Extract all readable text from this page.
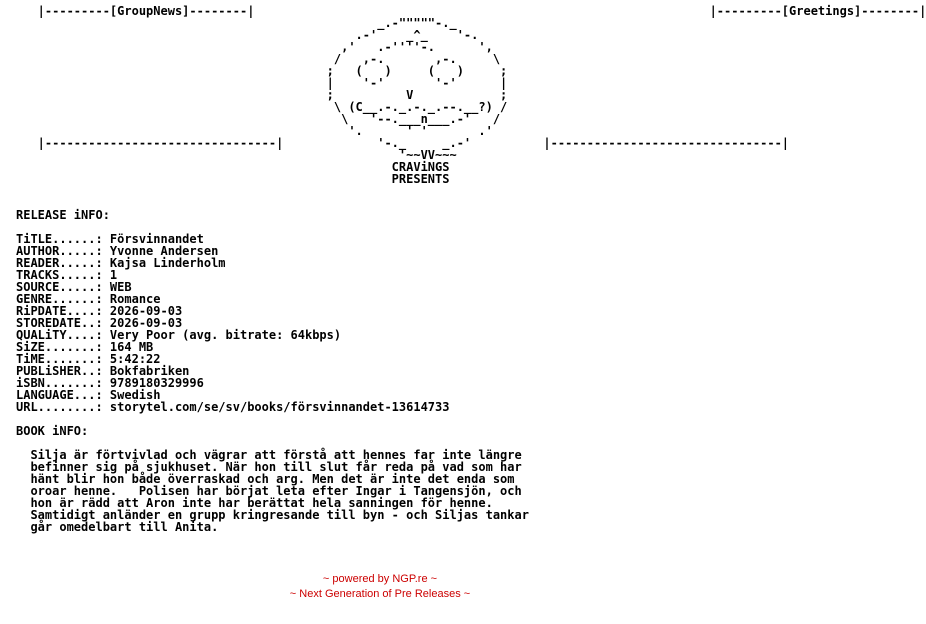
|---------[GroupNews]--------|                                                               |---------[Greetings]--------|
_.-"""""-._
.-'    _^_    '-.
,'   .-''''-.      ',
/   ,-.       ,-.     \
;   (   )     (   )     ;
|    '-'       '-'      |
;          V            ;
\ (C__.-._.-._.--.__?) /
\   '--.___n___.-'   /
'.      ' '       .'
|--------------------------------|             '-._     _.-'          |--------------------------------|
'~~VV~~~
CRAViNGS
PRESENTS

RELEASE iNFO:

TiTLE......: Försvinnandet
AUTHOR.....: Yvonne Andersen
READER.....: Kajsa Linderholm
TRACKS.....: 1
SOURCE.....: WEB
GENRE......: Romance
RiPDATE....: 2026-09-03
STOREDATE..: 2026-09-03
QUALiTY....: Very Poor (avg. bitrate: 64kbps)
SiZE.......: 164 MB
TiME.......: 5:42:22
PUBLiSHER..: Bokfabriken
iSBN.......: 9789180329996
LANGUAGE...: Swedish
URL........: storytel.com/se/sv/books/försvinnandet-13614733

BOOK iNFO:

Silja är förtvivlad och vägrar att förstå att hennes far inte längre
befinner sig på sjukhuset. När hon till slut får reda på vad som har
hänt blir hon både överraskad och arg. Men det är inte det enda som
oroar henne.   Polisen har börjat leta efter Ingar i Tangensjön, och
hon är rädd att Aron inte har berättat hela sanningen för henne.
Samtidigt anländer en grupp kringresande till byn - och Siljas tankar
går omedelbart till Anita.
~ powered by NGP.re ~
~ Next Generation of Pre Releases ~
